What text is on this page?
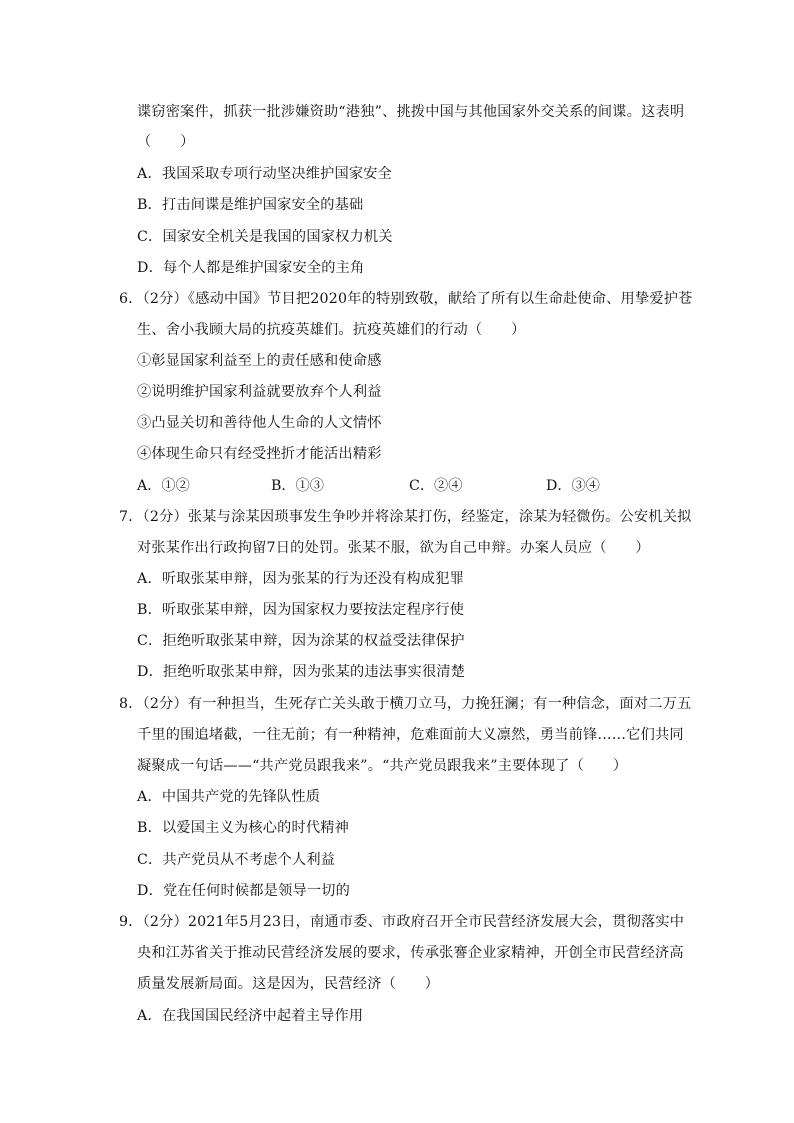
谍窃密案件，抓获一批涉嫌资助“港独”、挑拨中国与其他国家外交关系的间谍。这表明
（　　）
A．我国采取专项行动坚决维护国家安全
B．打击间谍是维护国家安全的基础
C．国家安全机关是我国的国家权力机关
D．每个人都是维护国家安全的主角
6．（2分）《感动中国》节目把2020年的特别致敬，献给了所有以生命赴使命、用挚爱护苍
生、舍小我顾大局的抗疫英雄们。抗疫英雄们的行动（　　）
①彰显国家利益至上的责任感和使命感
②说明维护国家利益就要放弃个人利益
③凸显关切和善待他人生命的人文情怀
④体现生命只有经受挫折才能活出精彩
A．①②	B．①③	C．②④	D．③④
7．（2分）张某与涂某因琐事发生争吵并将涂某打伤，经鉴定，涂某为轻微伤。公安机关拟
对张某作出行政拘留7日的处罚。张某不服，欲为自己申辩。办案人员应（　　）
A．听取张某申辩，因为张某的行为还没有构成犯罪
B．听取张某申辩，因为国家权力要按法定程序行使
C．拒绝听取张某申辩，因为涂某的权益受法律保护
D．拒绝听取张某申辩，因为张某的违法事实很清楚
8．（2分）有一种担当，生死存亡关头敢于横刀立马，力挽狂澜；有一种信念，面对二万五
千里的围追堵截，一往无前；有一种精神，危难面前大义凛然，勇当前锋……它们共同
凝聚成一句话——“共产党员跟我来”。“共产党员跟我来”主要体现了（　　）
A．中国共产党的先锋队性质
B．以爱国主义为核心的时代精神
C．共产党员从不考虑个人利益
D．党在任何时候都是领导一切的
9．（2分）2021年5月23日，南通市委、市政府召开全市民营经济发展大会，贯彻落实中
央和江苏省关于推动民营经济发展的要求，传承张謇企业家精神，开创全市民营经济高
质量发展新局面。这是因为，民营经济（　　）
A．在我国国民经济中起着主导作用
